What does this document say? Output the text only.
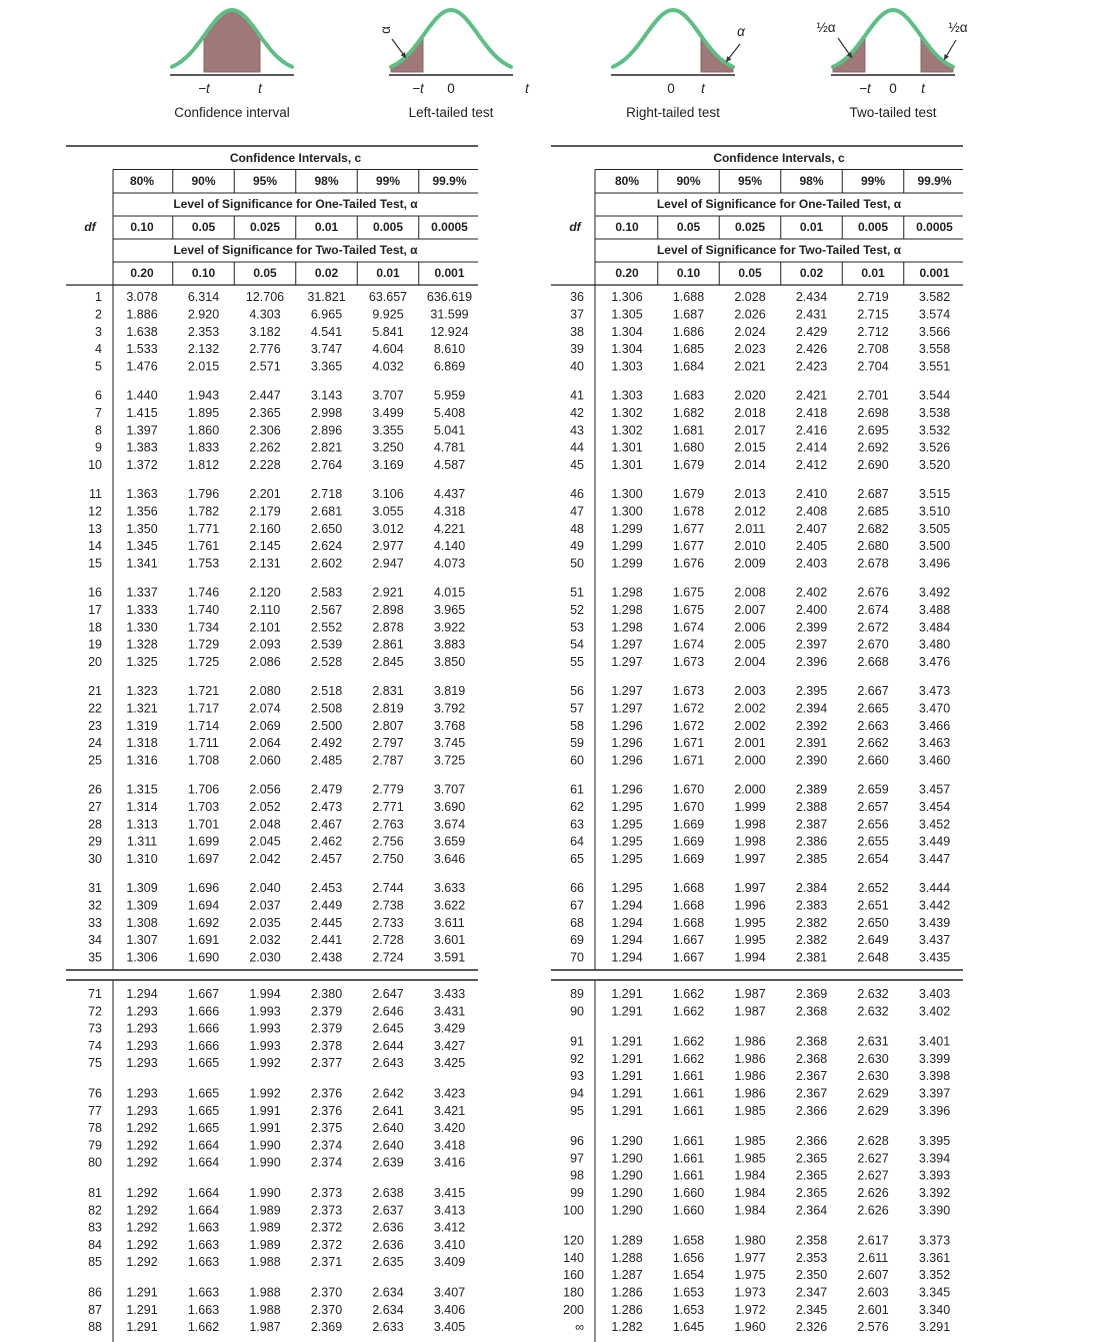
−t	t
Confidence interval
−t 0	t
Left-tailed test
α
0 t
Right-tailed test
α
−t 0 t
Two-tailed test
½α	½α
Confidence Intervals, c
Level of Significance for One-Tailed Test, α
Level of Significance for Two-Tailed Test, α
80%	90%	95%	98%	99%	99.9%
0.10	0.05	0.025	0.01	0.005 0.0005
0.20	0.10	0.05	0.02	0.01	0.001
df
1 3.078 6.314 12.706 31.821 63.657 636.619
2 1.886 2.920 4.303 6.965 9.925 31.599
3 1.638 2.353 3.182 4.541 5.841 12.924
4 1.533 2.132 2.776 3.747 4.604 8.610
5 1.476 2.015 2.571 3.365 4.032 6.869
6 1.440 1.943 2.447 3.143 3.707 5.959
7 1.415 1.895 2.365 2.998 3.499 5.408
8 1.397 1.860 2.306 2.896 3.355 5.041
9 1.383 1.833 2.262 2.821 3.250 4.781
10 1.372 1.812 2.228 2.764 3.169 4.587
11 1.363 1.796 2.201 2.718 3.106 4.437
12 1.356 1.782 2.179 2.681 3.055 4.318
13 1.350 1.771 2.160 2.650 3.012 4.221
14 1.345 1.761 2.145 2.624 2.977 4.140
15 1.341 1.753 2.131 2.602 2.947 4.073
16 1.337 1.746 2.120 2.583 2.921 4.015
17 1.333 1.740 2.110 2.567 2.898 3.965
18 1.330 1.734 2.101 2.552 2.878 3.922
19 1.328 1.729 2.093 2.539 2.861 3.883
20 1.325 1.725 2.086 2.528 2.845 3.850
21 1.323 1.721 2.080 2.518 2.831 3.819
22 1.321 1.717 2.074 2.508 2.819 3.792
23 1.319 1.714 2.069 2.500 2.807 3.768
24 1.318 1.711 2.064 2.492 2.797 3.745
25 1.316 1.708 2.060 2.485 2.787 3.725
26 1.315 1.706 2.056 2.479 2.779 3.707
27 1.314 1.703 2.052 2.473 2.771 3.690
28 1.313 1.701 2.048 2.467 2.763 3.674
29 1.311 1.699 2.045 2.462 2.756 3.659
30 1.310 1.697 2.042 2.457 2.750 3.646
31 1.309 1.696 2.040 2.453 2.744 3.633
32 1.309 1.694 2.037 2.449 2.738 3.622
33 1.308 1.692 2.035 2.445 2.733 3.611
34 1.307 1.691 2.032 2.441 2.728 3.601
35 1.306 1.690 2.030 2.438 2.724 3.591
Confidence Intervals, c
Level of Significance for One-Tailed Test, α
Level of Significance for Two-Tailed Test, α
80%	90%	95%	98%	99%	99.9%
0.10	0.05	0.025	0.01	0.005 0.0005
0.20	0.10	0.05	0.02	0.01	0.001
df
36 1.306 1.688 2.028 2.434 2.719 3.582
37 1.305 1.687 2.026 2.431 2.715 3.574
38 1.304 1.686 2.024 2.429 2.712 3.566
39 1.304 1.685 2.023 2.426 2.708 3.558
40 1.303 1.684 2.021 2.423 2.704 3.551
41 1.303 1.683 2.020 2.421 2.701 3.544
42 1.302 1.682 2.018 2.418 2.698 3.538
43 1.302 1.681 2.017 2.416 2.695 3.532
44 1.301 1.680 2.015 2.414 2.692 3.526
45 1.301 1.679 2.014 2.412 2.690 3.520
46 1.300 1.679 2.013 2.410 2.687 3.515
47 1.300 1.678 2.012 2.408 2.685 3.510
48 1.299 1.677 2.011 2.407 2.682 3.505
49 1.299 1.677 2.010 2.405 2.680 3.500
50 1.299 1.676 2.009 2.403 2.678 3.496
51 1.298 1.675 2.008 2.402 2.676 3.492
52 1.298 1.675 2.007 2.400 2.674 3.488
53 1.298 1.674 2.006 2.399 2.672 3.484
54 1.297 1.674 2.005 2.397 2.670 3.480
55 1.297 1.673 2.004 2.396 2.668 3.476
56 1.297 1.673 2.003 2.395 2.667 3.473
57 1.297 1.672 2.002 2.394 2.665 3.470
58 1.296 1.672 2.002 2.392 2.663 3.466
59 1.296 1.671 2.001 2.391 2.662 3.463
60 1.296 1.671 2.000 2.390 2.660 3.460
61 1.296 1.670 2.000 2.389 2.659 3.457
62 1.295 1.670 1.999 2.388 2.657 3.454
63 1.295 1.669 1.998 2.387 2.656 3.452
64 1.295 1.669 1.998 2.386 2.655 3.449
65 1.295 1.669 1.997 2.385 2.654 3.447
66 1.295 1.668 1.997 2.384 2.652 3.444
67 1.294 1.668 1.996 2.383 2.651 3.442
68 1.294 1.668 1.995 2.382 2.650 3.439
69 1.294 1.667 1.995 2.382 2.649 3.437
70 1.294 1.667 1.994 2.381 2.648 3.435
71 1.294 1.667 1.994 2.380 2.647 3.433
72 1.293 1.666 1.993 2.379 2.646 3.431
73 1.293 1.666 1.993 2.379 2.645 3.429
74 1.293 1.666 1.993 2.378 2.644 3.427
75 1.293 1.665 1.992 2.377 2.643 3.425
76 1.293 1.665 1.992 2.376 2.642 3.423
77 1.293 1.665 1.991 2.376 2.641 3.421
78 1.292 1.665 1.991 2.375 2.640 3.420
79 1.292 1.664 1.990 2.374 2.640 3.418
80 1.292 1.664 1.990 2.374 2.639 3.416
81 1.292 1.664 1.990 2.373 2.638 3.415
82 1.292 1.664 1.989 2.373 2.637 3.413
83 1.292 1.663 1.989 2.372 2.636 3.412
84 1.292 1.663 1.989 2.372 2.636 3.410
85 1.292 1.663 1.988 2.371 2.635 3.409
86 1.291 1.663 1.988 2.370 2.634 3.407
87 1.291 1.663 1.988 2.370 2.634 3.406
88 1.291 1.662 1.987 2.369 2.633 3.405
89 1.291 1.662 1.987 2.369 2.632 3.403
90 1.291 1.662 1.987 2.368 2.632 3.402
91 1.291 1.662 1.986 2.368 2.631 3.401
92 1.291 1.662 1.986 2.368 2.630 3.399
93 1.291 1.661 1.986 2.367 2.630 3.398
94 1.291 1.661 1.986 2.367 2.629 3.397
95 1.291 1.661 1.985 2.366 2.629 3.396
96 1.290 1.661 1.985 2.366 2.628 3.395
97 1.290 1.661 1.985 2.365 2.627 3.394
98 1.290 1.661 1.984 2.365 2.627 3.393
99 1.290 1.660 1.984 2.365 2.626 3.392
100 1.290 1.660 1.984 2.364 2.626 3.390
120 1.289 1.658 1.980 2.358 2.617 3.373
140 1.288 1.656 1.977 2.353 2.611 3.361
160 1.287 1.654 1.975 2.350 2.607 3.352
180 1.286 1.653 1.973 2.347 2.603 3.345
200 1.286 1.653 1.972 2.345 2.601 3.340
∞ 1.282 1.645 1.960 2.326 2.576 3.291
